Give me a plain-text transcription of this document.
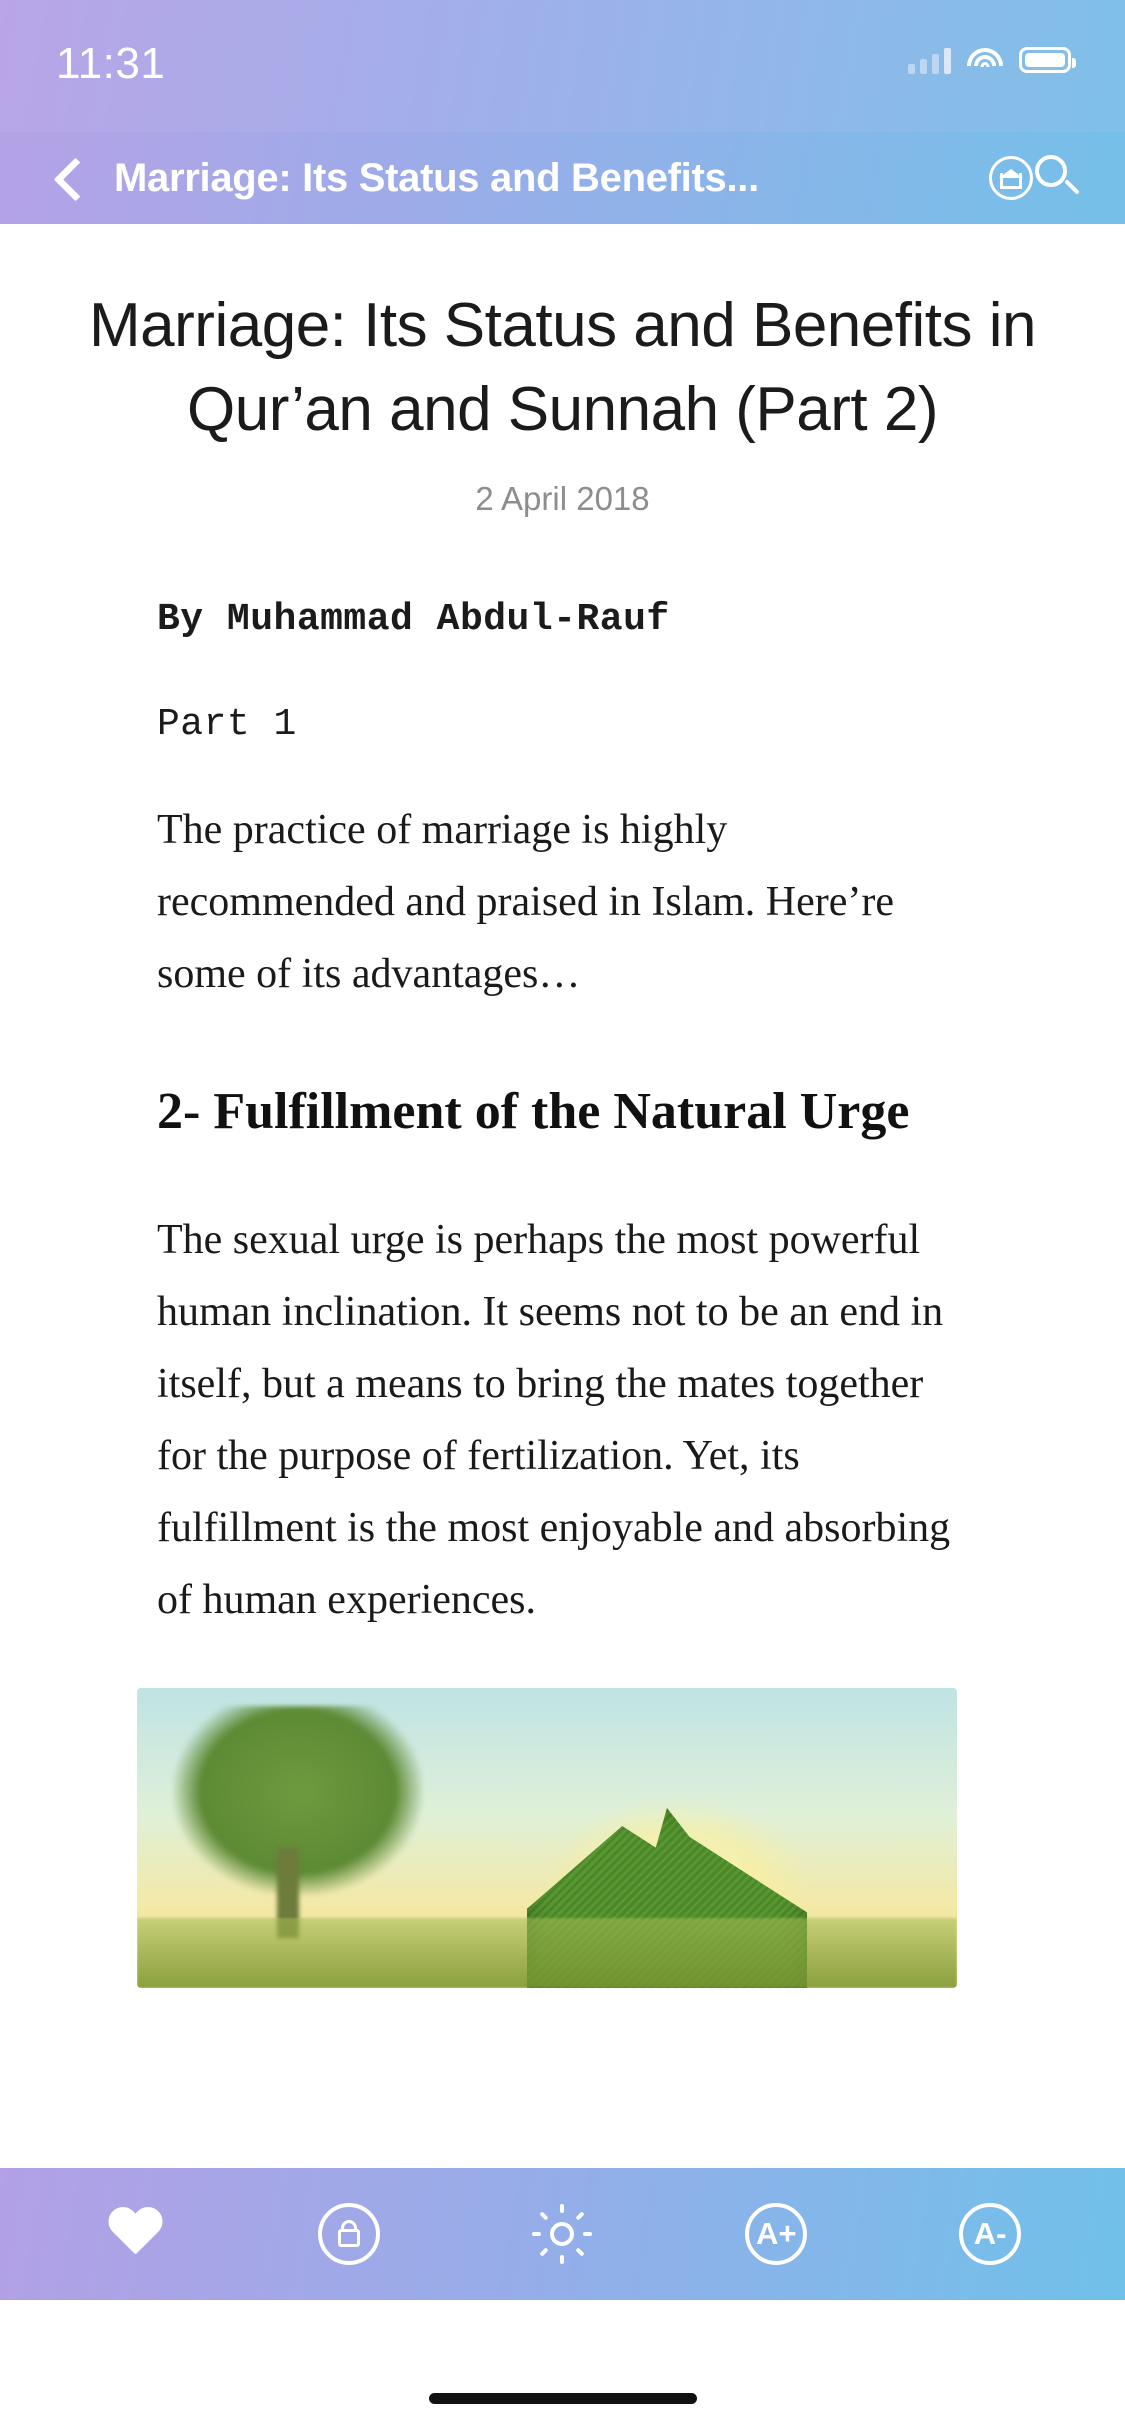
11:31
Marriage: Its Status and Benefits...
Marriage: Its Status and Benefits in Qur’an and Sunnah (Part 2)
2 April 2018
By Muhammad Abdul-Rauf
Part 1
The practice of marriage is highly recommended and praised in Islam. Here’re some of its advantages…
2- Fulfillment of the Natural Urge
The sexual urge is perhaps the most powerful human inclination. It seems not to be an end in itself, but a means to bring the mates together for the purpose of fertilization. Yet, its fulfillment is the most enjoyable and absorbing of human experiences.
A+	A-
